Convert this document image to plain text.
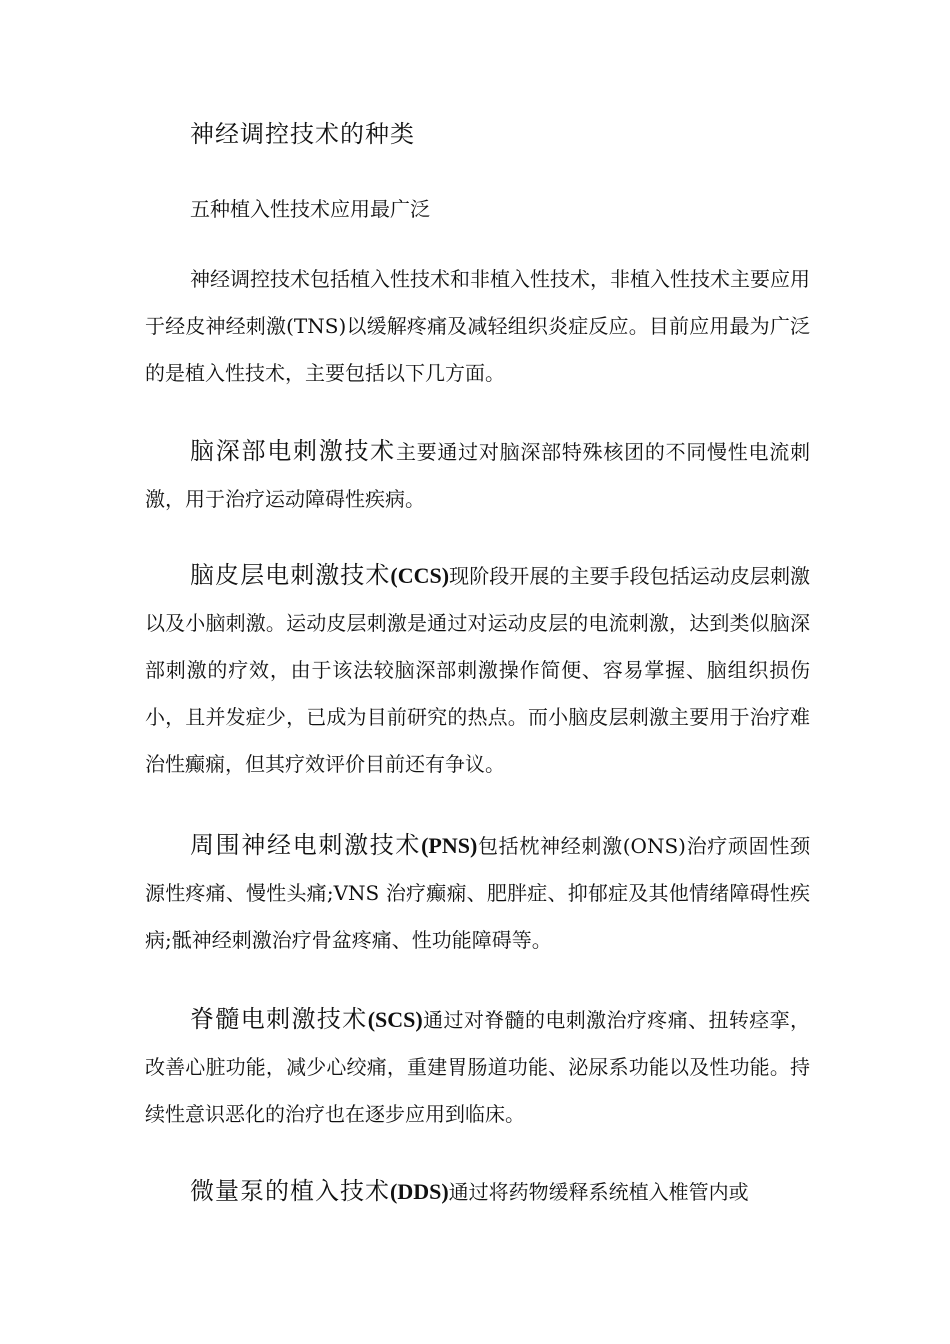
神经调控技术的种类

五种植入性技术应用最广泛

神经调控技术包括植入性技术和非植入性技术，非植入性技术主要应用于经皮神经刺激(TNS)以缓解疼痛及减轻组织炎症反应。目前应用最为广泛的是植入性技术，主要包括以下几方面。

脑深部电刺激技术主要通过对脑深部特殊核团的不同慢性电流刺激，用于治疗运动障碍性疾病。

脑皮层电刺激技术(CCS)现阶段开展的主要手段包括运动皮层刺激以及小脑刺激。运动皮层刺激是通过对运动皮层的电流刺激，达到类似脑深部刺激的疗效，由于该法较脑深部刺激操作简便、容易掌握、脑组织损伤小，且并发症少，已成为目前研究的热点。而小脑皮层刺激主要用于治疗难治性癫痫，但其疗效评价目前还有争议。

周围神经电刺激技术(PNS)包括枕神经刺激(ONS)治疗顽固性颈源性疼痛、慢性头痛;VNS 治疗癫痫、肥胖症、抑郁症及其他情绪障碍性疾病;骶神经刺激治疗骨盆疼痛、性功能障碍等。

脊髓电刺激技术(SCS)通过对脊髓的电刺激治疗疼痛、扭转痉挛，改善心脏功能，减少心绞痛，重建胃肠道功能、泌尿系功能以及性功能。持续性意识恶化的治疗也在逐步应用到临床。

微量泵的植入技术(DDS)通过将药物缓释系统植入椎管内或
